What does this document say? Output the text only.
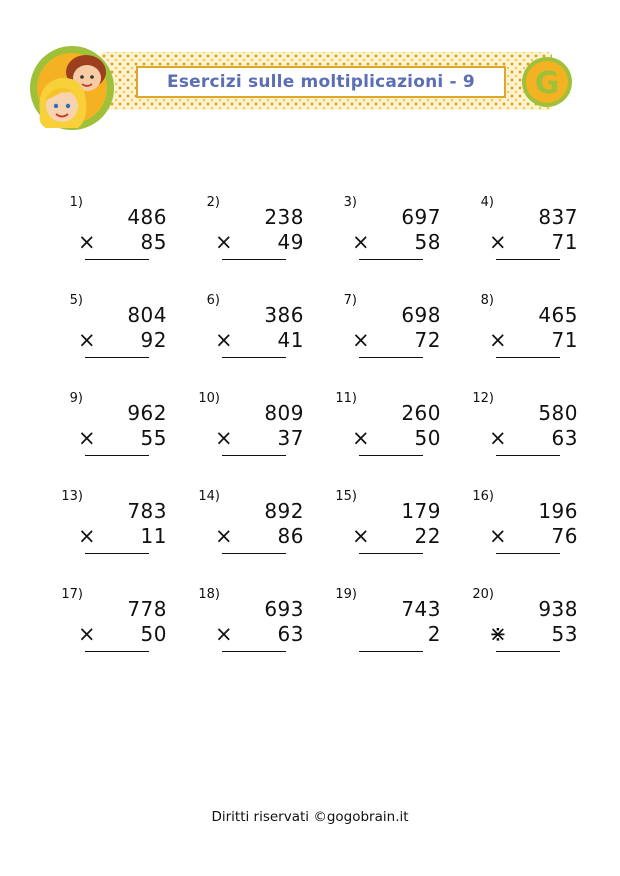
Esercizi sulle moltiplicazioni - 9 G
1)
486
× 85
2)
238
× 49
3)
697
× 58
4)
837
× 71
5)
804
× 92
6)
386
× 41
7)
698
× 72
8)
465
× 71
9)
962
× 55
10)
809
× 37
11)
260
× 50
12)
580
× 63
13)
783
× 11
14)
892
× 86
15)
179
× 22
16)
196
× 76
17)
778
× 50
18)
693
× 63
19)
743
2
20)
938
⋇ 53
Diritti riservati ©gogobrain.it
